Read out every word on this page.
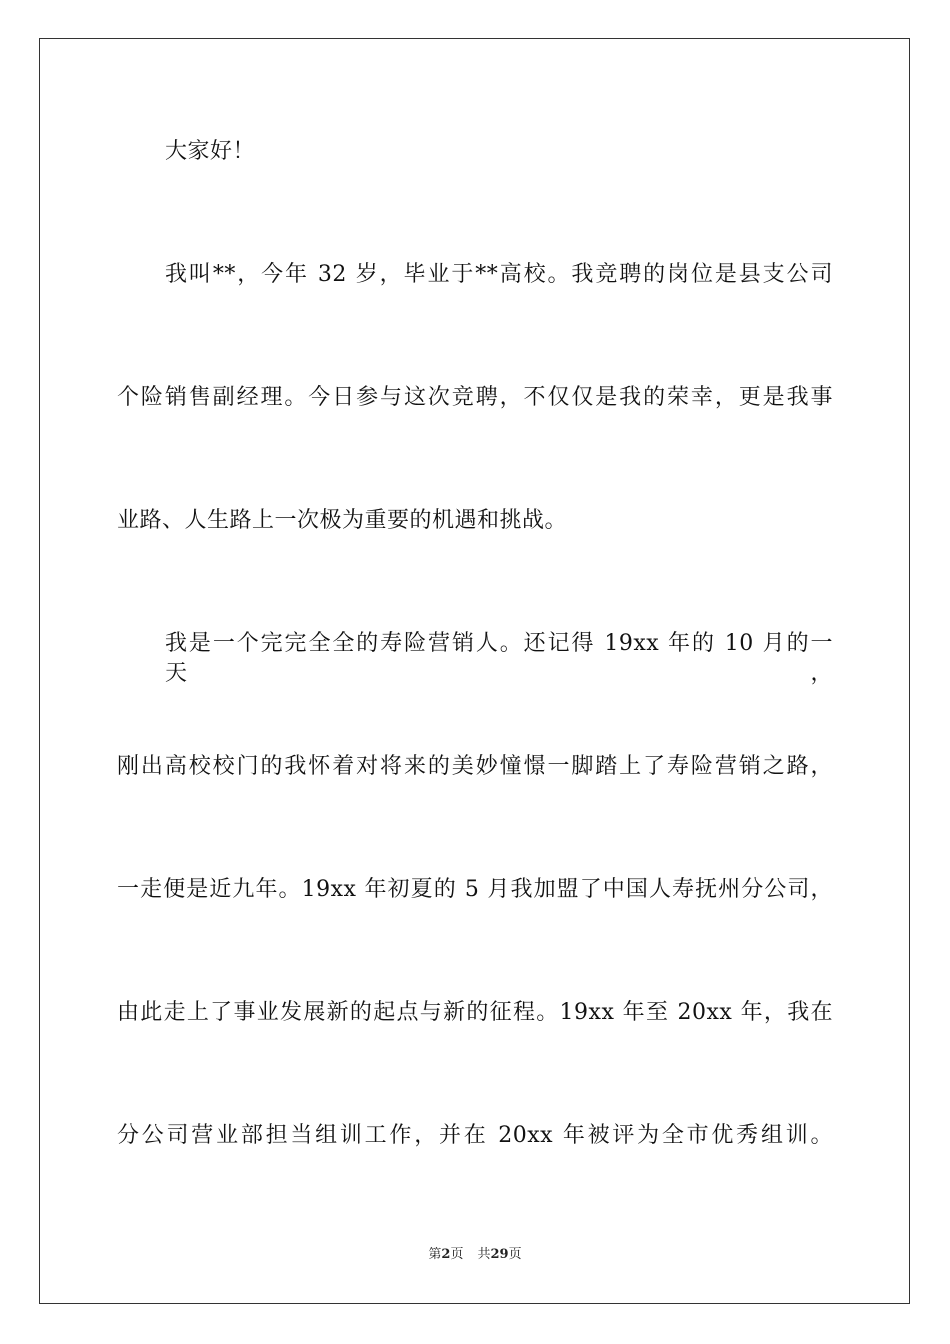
大家好！
我叫**，今年 32 岁，毕业于**高校。我竞聘的岗位是县支公司
个险销售副经理。今日参与这次竞聘，不仅仅是我的荣幸，更是我事
业路、人生路上一次极为重要的机遇和挑战。
我是一个完完全全的寿险营销人。还记得 19xx 年的 10 月的一天，
刚出高校校门的我怀着对将来的美妙憧憬一脚踏上了寿险营销之路，
一走便是近九年。19xx 年初夏的 5 月我加盟了中国人寿抚州分公司，
由此走上了事业发展新的起点与新的征程。19xx 年至 20xx 年，我在
分公司营业部担当组训工作，并在 20xx 年被评为全市优秀组训。
第2页 共29页
